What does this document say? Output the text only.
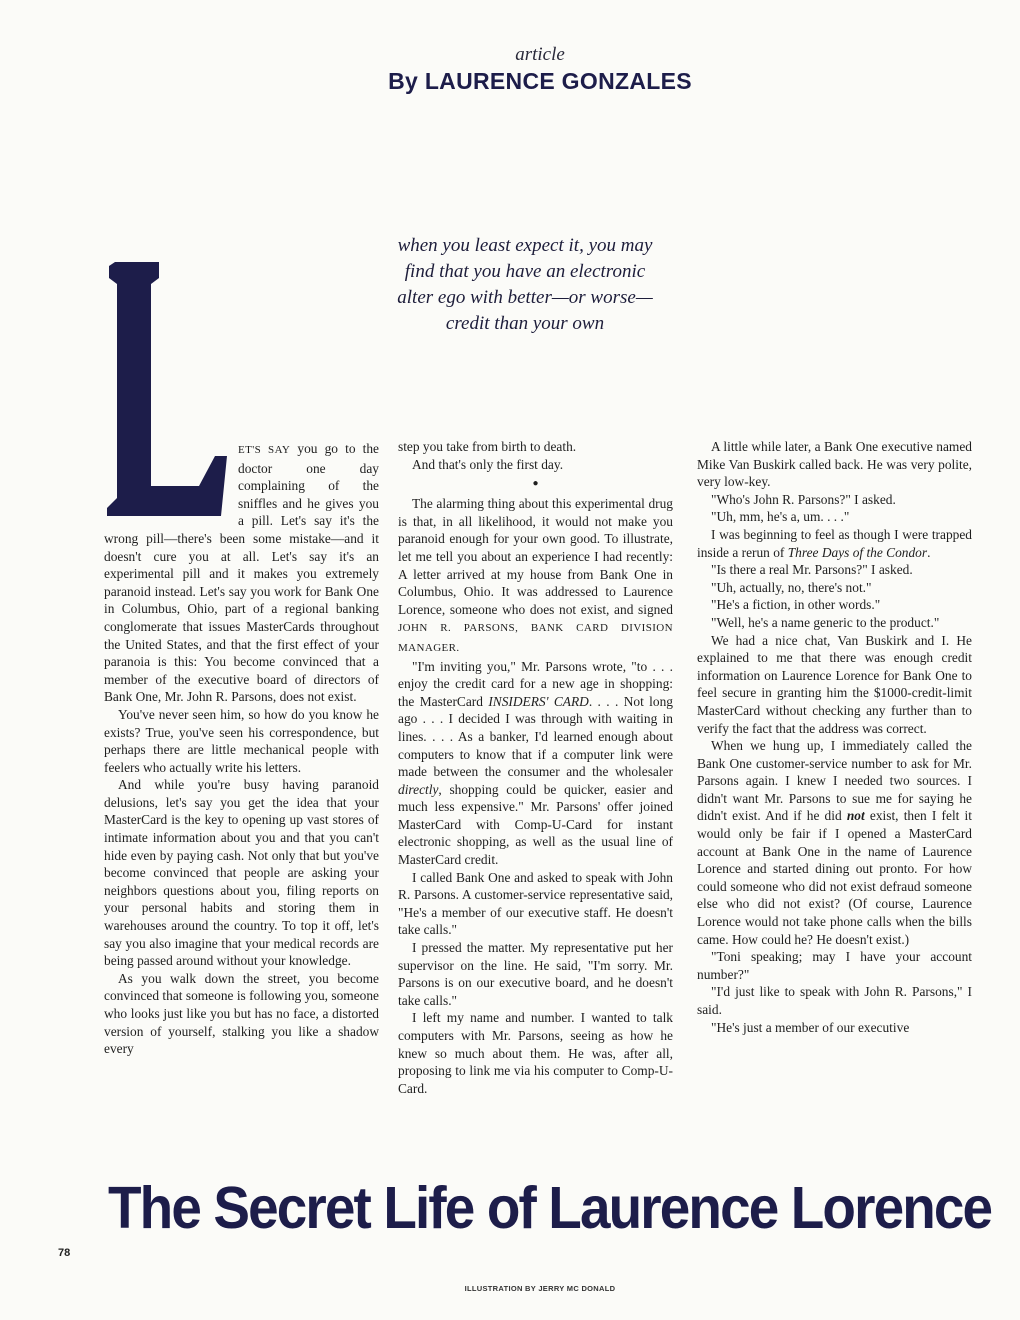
article
By LAURENCE GONZALES
when you least expect it, you may
find that you have an electronic
alter ego with better—or worse—
credit than your own

ET'S SAY you go to the doctor one day complaining of the sniffles and he gives you a pill. Let's say it's the wrong pill—there's been some mistake—and it doesn't cure you at all. Let's say it's an experimental pill and it makes you extremely paranoid instead. Let's say you work for Bank One in Columbus, Ohio, part of a regional banking conglomerate that issues MasterCards throughout the United States, and that the first effect of your paranoia is this: You become convinced that a member of the executive board of directors of Bank One, Mr. John R. Parsons, does not exist.

You've never seen him, so how do you know he exists? True, you've seen his correspondence, but perhaps there are little mechanical people with feelers who actually write his letters.

And while you're busy having paranoid delusions, let's say you get the idea that your MasterCard is the key to opening up vast stores of intimate information about you and that you can't hide even by paying cash. Not only that but you've become convinced that people are asking your neighbors questions about you, filing reports on your personal habits and storing them in warehouses around the country. To top it off, let's say you also imagine that your medical records are being passed around without your knowledge.

As you walk down the street, you become convinced that someone is following you, someone who looks just like you but has no face, a distorted version of yourself, stalking you like a shadow every

step you take from birth to death.

And that's only the first day.

●

The alarming thing about this experimental drug is that, in all likelihood, it would not make you paranoid enough for your own good. To illustrate, let me tell you about an experience I had recently: A letter arrived at my house from Bank One in Columbus, Ohio. It was addressed to Laurence Lorence, someone who does not exist, and signed JOHN R. PARSONS, BANK CARD DIVISION MANAGER.

"I'm inviting you," Mr. Parsons wrote, "to . . . enjoy the credit card for a new age in shopping: the MasterCard INSIDERS' CARD. . . . Not long ago . . . I decided I was through with waiting in lines. . . . As a banker, I'd learned enough about computers to know that if a computer link were made between the consumer and the wholesaler directly, shopping could be quicker, easier and much less expensive." Mr. Parsons' offer joined MasterCard with Comp-U-Card for instant electronic shopping, as well as the usual line of MasterCard credit.

I called Bank One and asked to speak with John R. Parsons. A customer-service representative said, "He's a member of our executive staff. He doesn't take calls."

I pressed the matter. My representative put her supervisor on the line. He said, "I'm sorry. Mr. Parsons is on our executive board, and he doesn't take calls."

I left my name and number. I wanted to talk computers with Mr. Parsons, seeing as how he knew so much about them. He was, after all, proposing to link me via his computer to Comp-U-Card.

A little while later, a Bank One executive named Mike Van Buskirk called back. He was very polite, very low-key.

"Who's John R. Parsons?" I asked.

"Uh, mm, he's a, um. . . ."

I was beginning to feel as though I were trapped inside a rerun of Three Days of the Condor.

"Is there a real Mr. Parsons?" I asked.

"Uh, actually, no, there's not."

"He's a fiction, in other words."

"Well, he's a name generic to the product."

We had a nice chat, Van Buskirk and I. He explained to me that there was enough credit information on Laurence Lorence for Bank One to feel secure in granting him the $1000-credit-limit MasterCard without checking any further than to verify the fact that the address was correct.

When we hung up, I immediately called the Bank One customer-service number to ask for Mr. Parsons again. I knew I needed two sources. I didn't want Mr. Parsons to sue me for saying he didn't exist. And if he did not exist, then I felt it would only be fair if I opened a MasterCard account at Bank One in the name of Laurence Lorence and started dining out pronto. For how could someone who did not exist defraud someone else who did not exist? (Of course, Laurence Lorence would not take phone calls when the bills came. How could he? He doesn't exist.)

"Toni speaking; may I have your account number?"

"I'd just like to speak with John R. Parsons," I said.

"He's just a member of our executive

The Secret Life of Laurence Lorence
78
ILLUSTRATION BY JERRY MC DONALD
